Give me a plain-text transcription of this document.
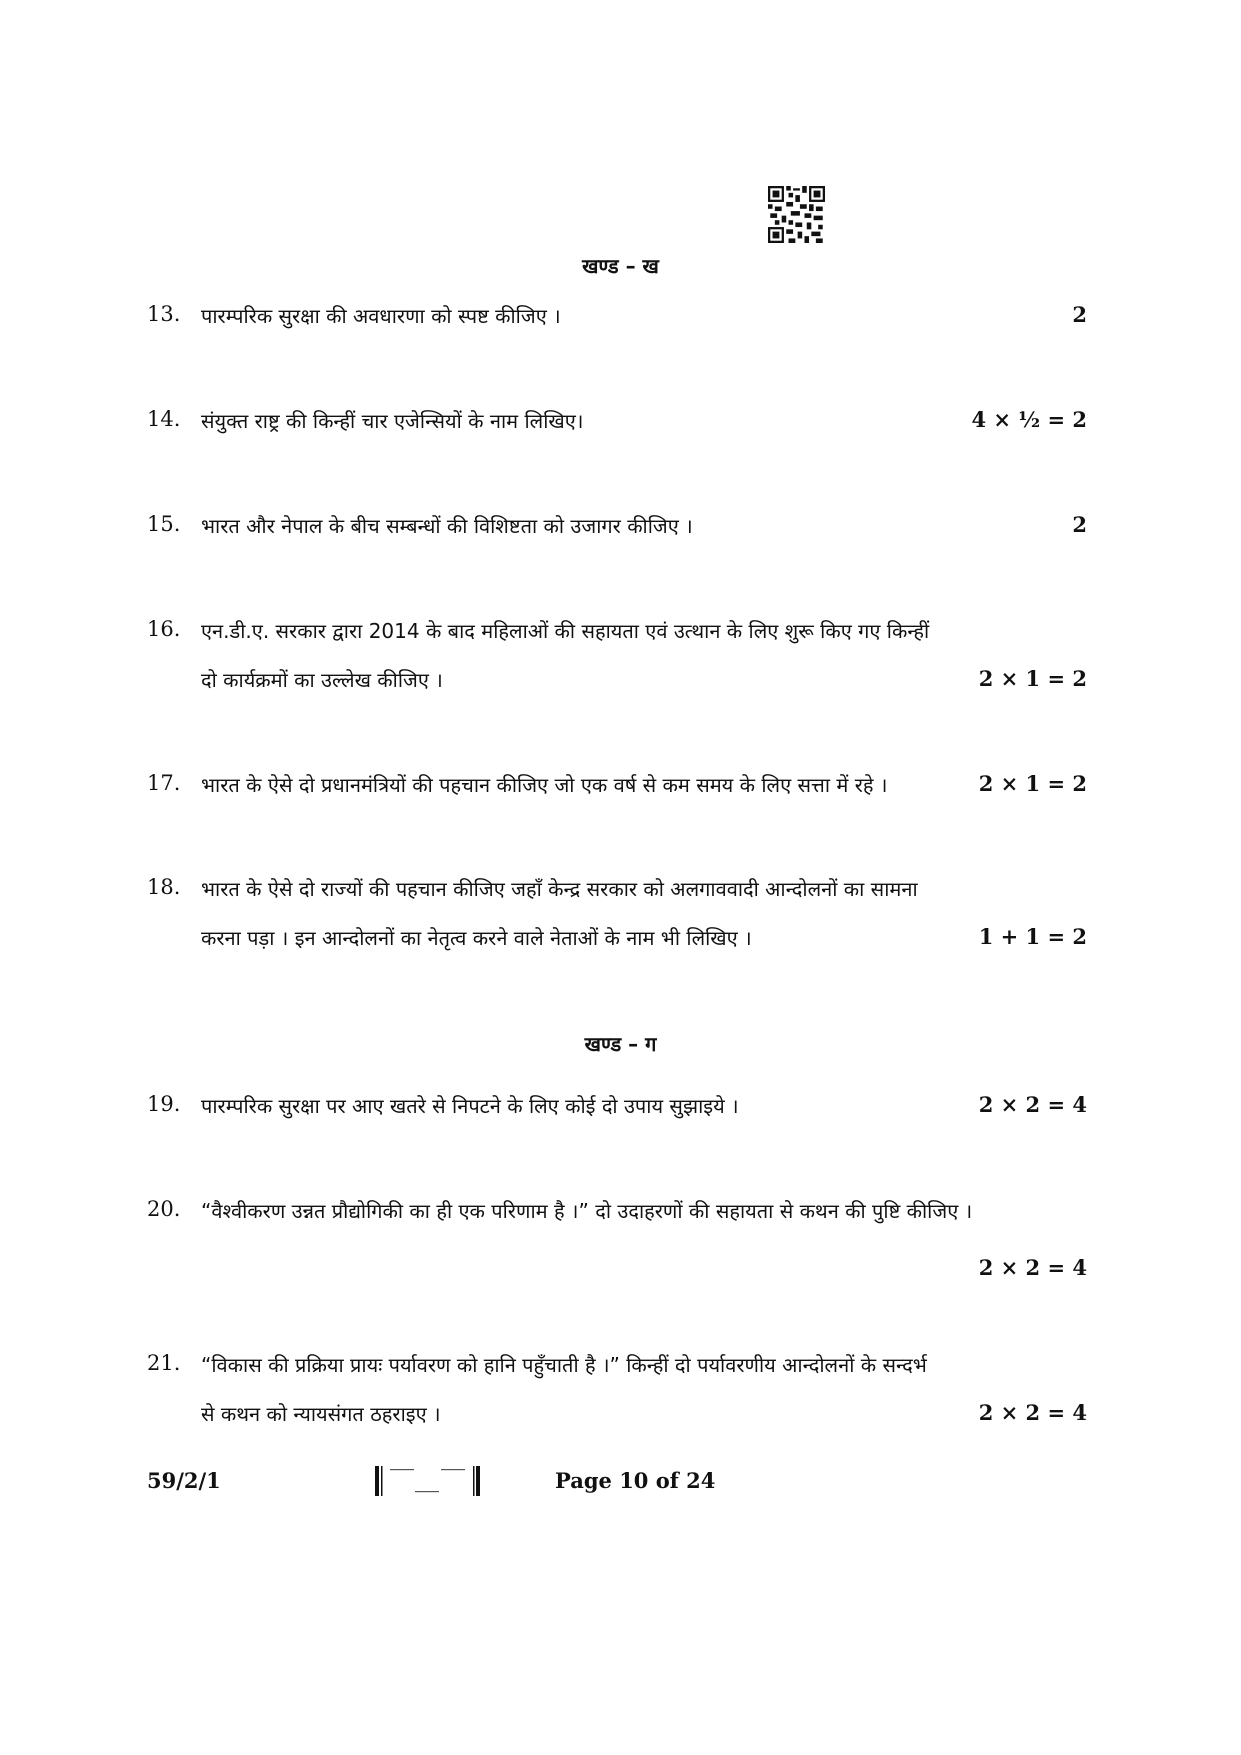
खण्ड – ख
13.	पारम्परिक सुरक्षा की अवधारणा को स्पष्ट कीजिए ।	2
14.	संयुक्त राष्ट्र की किन्हीं चार एजेन्सियों के नाम लिखिए।	4 × ½ = 2
15.	भारत और नेपाल के बीच सम्बन्धों की विशिष्टता को उजागर कीजिए ।	2
16.	एन.डी.ए. सरकार द्वारा 2014 के बाद महिलाओं की सहायता एवं उत्थान के लिए शुरू किए गए किन्हीं
दो कार्यक्रमों का उल्लेख कीजिए ।	2 × 1 = 2
17.	भारत के ऐसे दो प्रधानमंत्रियों की पहचान कीजिए जो एक वर्ष से कम समय के लिए सत्ता में रहे ।	2 × 1 = 2
18.	भारत के ऐसे दो राज्यों की पहचान कीजिए जहाँ केन्द्र सरकार को अलगाववादी आन्दोलनों का सामना
करना पड़ा । इन आन्दोलनों का नेतृत्व करने वाले नेताओं के नाम भी लिखिए ।	1 + 1 = 2
खण्ड – ग
19.	पारम्परिक सुरक्षा पर आए खतरे से निपटने के लिए कोई दो उपाय सुझाइये ।	2 × 2 = 4
20.	“वैश्वीकरण उन्नत प्रौद्योगिकी का ही एक परिणाम है ।” दो उदाहरणों की सहायता से कथन की पुष्टि कीजिए ।
2 × 2 = 4
21.	“विकास की प्रक्रिया प्रायः पर्यावरण को हानि पहुँचाती है ।” किन्हीं दो पर्यावरणीय आन्दोलनों के सन्दर्भ
से कथन को न्यायसंगत ठहराइए ।	2 × 2 = 4
59/2/1	Page 10 of 24
